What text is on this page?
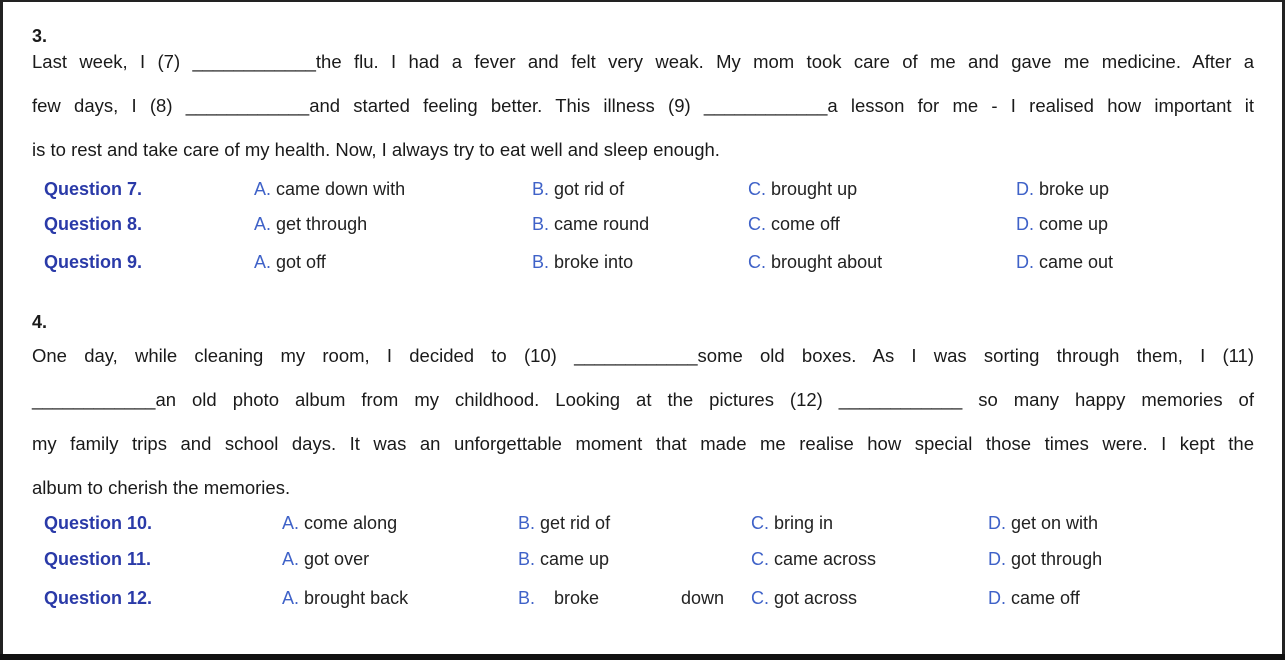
3.
Last week, I (7) ____________the flu. I had a fever and felt very weak. My mom took care of me and gave me medicine. After a
few days, I (8) ____________and started feeling better. This illness (9) ____________a lesson for me - I realised how important it
is to rest and take care of my health. Now, I always try to eat well and sleep enough.
Question 7.	A. came down with	B. got rid of	C. brought up	D. broke up
Question 8.	A. get through	B. came round	C. come off	D. come up
Question 9.	A. got off	B. broke into	C. brought about	D. came out
4.
One day, while cleaning my room, I decided to (10) ____________some old boxes. As I was sorting through them, I (11)
____________an old photo album from my childhood. Looking at the pictures (12) ____________ so many happy memories of
my family trips and school days. It was an unforgettable moment that made me realise how special those times were. I kept the
album to cherish the memories.
Question 10.	A. come along	B. get rid of	C. bring in	D. get on with
Question 11.	A. got over	B. came up	C. came across	D. got through
Question 12.	A. brought back	B. broke down C. got across	D. came off
